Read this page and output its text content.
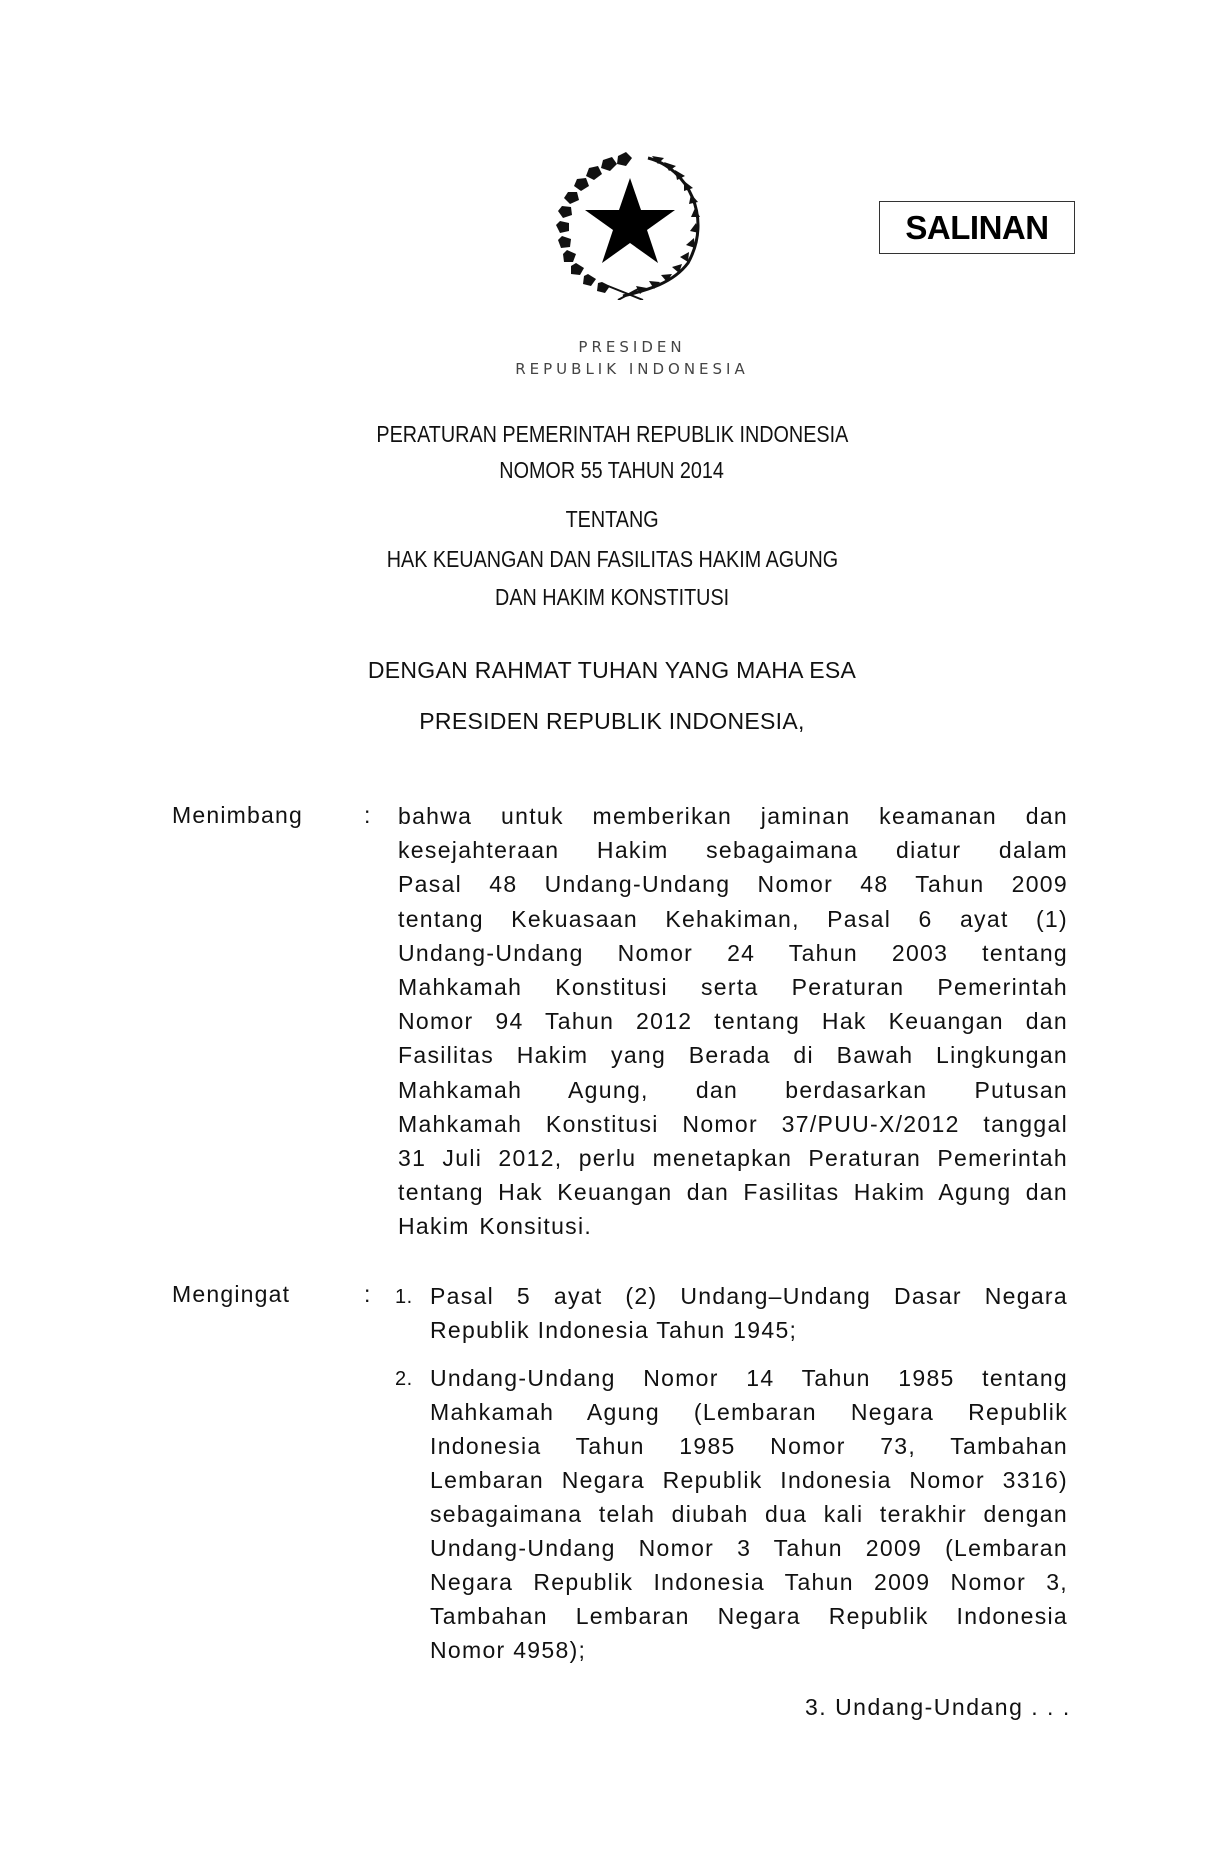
SALINAN
PRESIDEN
REPUBLIK INDONESIA
PERATURAN PEMERINTAH REPUBLIK INDONESIA
NOMOR 55 TAHUN 2014
TENTANG
HAK KEUANGAN DAN FASILITAS HAKIM AGUNG
DAN HAKIM KONSTITUSI
DENGAN RAHMAT TUHAN YANG MAHA ESA
PRESIDEN REPUBLIK INDONESIA,
Menimbang	: bahwa untuk memberikan jaminan keamanan dan
kesejahteraan Hakim sebagaimana diatur dalam
Pasal 48 Undang-Undang Nomor 48 Tahun 2009
tentang Kekuasaan Kehakiman, Pasal 6 ayat (1)
Undang-Undang Nomor 24 Tahun 2003 tentang
Mahkamah Konstitusi serta Peraturan Pemerintah
Nomor 94 Tahun 2012 tentang Hak Keuangan dan
Fasilitas Hakim yang Berada di Bawah Lingkungan
Mahkamah Agung, dan berdasarkan Putusan
Mahkamah Konstitusi Nomor 37/PUU-X/2012 tanggal
31 Juli 2012, perlu menetapkan Peraturan Pemerintah
tentang Hak Keuangan dan Fasilitas Hakim Agung dan
Hakim Konsitusi.
Mengingat	: 1. Pasal 5 ayat (2) Undang–Undang Dasar Negara
Republik Indonesia Tahun 1945;
2. Undang-Undang Nomor 14 Tahun 1985 tentang
Mahkamah Agung (Lembaran Negara Republik
Indonesia Tahun 1985 Nomor 73, Tambahan
Lembaran Negara Republik Indonesia Nomor 3316)
sebagaimana telah diubah dua kali terakhir dengan
Undang-Undang Nomor 3 Tahun 2009 (Lembaran
Negara Republik Indonesia Tahun 2009 Nomor 3,
Tambahan Lembaran Negara Republik Indonesia
Nomor 4958);
3. Undang-Undang . . .
